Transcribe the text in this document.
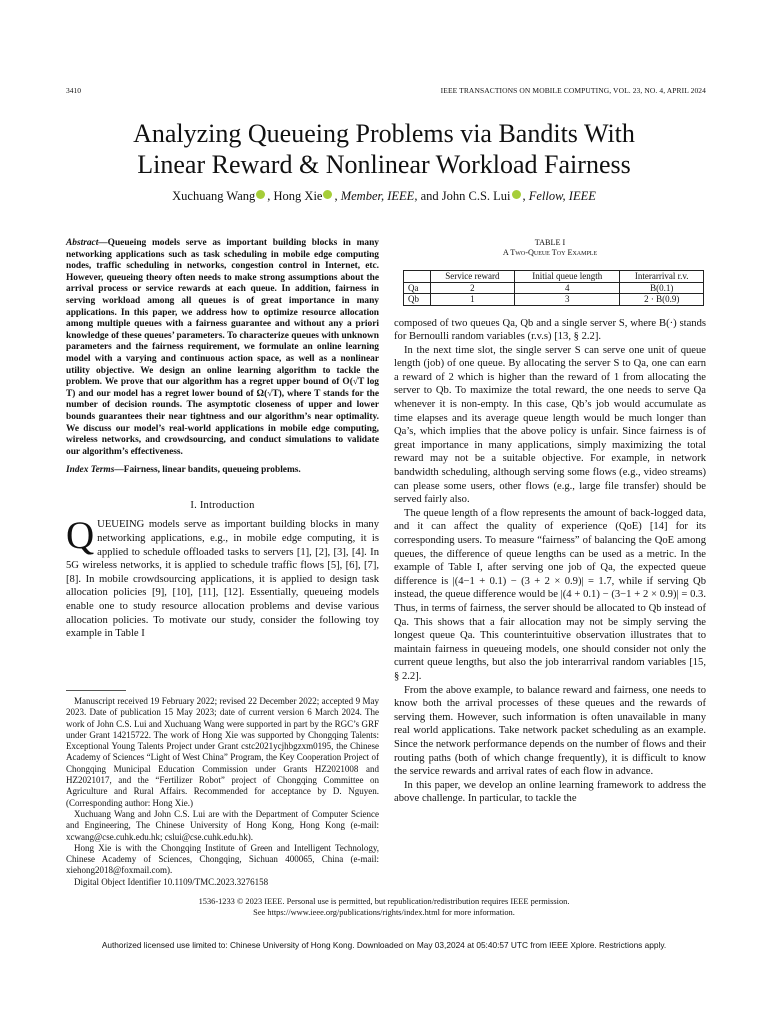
3410	IEEE TRANSACTIONS ON MOBILE COMPUTING, VOL. 23, NO. 4, APRIL 2024
Analyzing Queueing Problems via Bandits With
Linear Reward & Nonlinear Workload Fairness
Xuchuang Wang , Hong Xie , Member, IEEE, and John C.S. Lui , Fellow, IEEE
Abstract—Queueing models serve as important building blocks in many networking applications such as task scheduling in mobile edge computing nodes, traffic scheduling in networks, congestion control in Internet, etc. However, queueing theory often needs to make strong assumptions about the arrival process or service rewards at each queue. In addition, fairness in serving workload among all queues is of great importance in many applications. In this paper, we address how to optimize resource allocation among multiple queues with a fairness guarantee and without any a priori knowledge of these queues’ parameters. To characterize queues with unknown parameters and the fairness requirement, we formulate an online learning model with a varying and continuous action space, as well as a nonlinear utility objective. We design an online learning algorithm to tackle the problem. We prove that our algorithm has a regret upper bound of O(√T log T) and our model has a regret lower bound of Ω(√T), where T stands for the number of decision rounds. The asymptotic closeness of upper and lower bounds guarantees their near tightness and our algorithm’s near optimality. We discuss our model’s real-world applications in mobile edge computing, wireless networks, and crowdsourcing, and conduct simulations to validate our algorithm’s effectiveness.
Index Terms—Fairness, linear bandits, queueing problems.
I. Introduction

QUEUEING models serve as important building blocks in many networking applications, e.g., in mobile edge computing, it is applied to schedule offloaded tasks to servers [1], [2], [3], [4]. In 5G wireless networks, it is applied to schedule traffic flows [5], [6], [7], [8]. In mobile crowdsourcing applications, it is applied to design task allocation policies [9], [10], [11], [12]. Essentially, queueing models enable one to study resource allocation problems and devise various allocation policies. To motivate our study, consider the following toy example in Table I

Manuscript received 19 February 2022; revised 22 December 2022; accepted 9 May 2023. Date of publication 15 May 2023; date of current version 6 March 2024. The work of John C.S. Lui and Xuchuang Wang were supported in part by the RGC’s GRF under Grant 14215722. The work of Hong Xie was supported by Chongqing Talents: Exceptional Young Talents Project under Grant cstc2021ycjhbgzxm0195, the Chinese Academy of Sciences “Light of West China” Program, the Key Cooperation Project of Chongqing Municipal Education Commission under Grants HZ2021008 and HZ2021017, and the “Fertilizer Robot” project of Chongqing Committee on Agriculture and Rural Affairs. Recommended for acceptance by D. Nguyen. (Corresponding author: Hong Xie.)

Xuchuang Wang and John C.S. Lui are with the Department of Computer Science and Engineering, The Chinese University of Hong Kong, Hong Kong (e-mail: xcwang@cse.cuhk.edu.hk; cslui@cse.cuhk.edu.hk).

Hong Xie is with the Chongqing Institute of Green and Intelligent Technology, Chinese Academy of Sciences, Chongqing, Sichuan 400065, China (e-mail: xiehong2018@foxmail.com).

Digital Object Identifier 10.1109/TMC.2023.3276158

TABLE I
A Two-Queue Toy Example
	Service reward	Initial queue length	Interarrival r.v.
Qa	2	4	B(0.1)
Qb	1	3	2 · B(0.9)

composed of two queues Qa, Qb and a single server S, where B(·) stands for Bernoulli random variables (r.v.s) [13, § 2.2].

In the next time slot, the single server S can serve one unit of queue length (job) of one queue. By allocating the server S to Qa, one can earn a reward of 2 which is higher than the reward of 1 from allocating the server to Qb. To maximize the total reward, the one needs to serve Qa whenever it is non-empty. In this case, Qb’s job would accumulate as time elapses and its average queue length would be much longer than Qa’s, which implies that the above policy is unfair. Since fairness is of great importance in many applications, simply maximizing the total reward may not be a suitable objective. For example, in network bandwidth scheduling, although serving some flows (e.g., video streams) can please some users, other flows (e.g., large file transfer) should be served fairly also.

The queue length of a flow represents the amount of back-logged data, and it can affect the quality of experience (QoE) [14] for its corresponding users. To measure “fairness” of balancing the QoE among queues, the difference of queue lengths can be used as a metric. In the example of Table I, after serving one job of Qa, the expected queue difference is |(4−1 + 0.1) − (3 + 2 × 0.9)| = 1.7, while if serving Qb instead, the queue difference would be |(4 + 0.1) − (3−1 + 2 × 0.9)| = 0.3. Thus, in terms of fairness, the server should be allocated to Qb instead of Qa. This shows that a fair allocation may not be simply serving the longest queue Qa. This counterintuitive observation illustrates that to maintain fairness in queueing models, one should consider not only the current queue lengths, but also the job interarrival random variables [15, § 2.2].

From the above example, to balance reward and fairness, one needs to know both the arrival processes of these queues and the rewards of serving them. However, such information is often unavailable in many real world applications. Take network packet scheduling as an example. Since the network performance depends on the number of flows and their routing paths (both of which change frequently), it is difficult to know the service rewards and arrival rates of each flow in advance.

In this paper, we develop an online learning framework to address the above challenge. In particular, to tackle the

1536-1233 © 2023 IEEE. Personal use is permitted, but republication/redistribution requires IEEE permission.
See https://www.ieee.org/publications/rights/index.html for more information.
Authorized licensed use limited to: Chinese University of Hong Kong. Downloaded on May 03,2024 at 05:40:57 UTC from IEEE Xplore. Restrictions apply.
